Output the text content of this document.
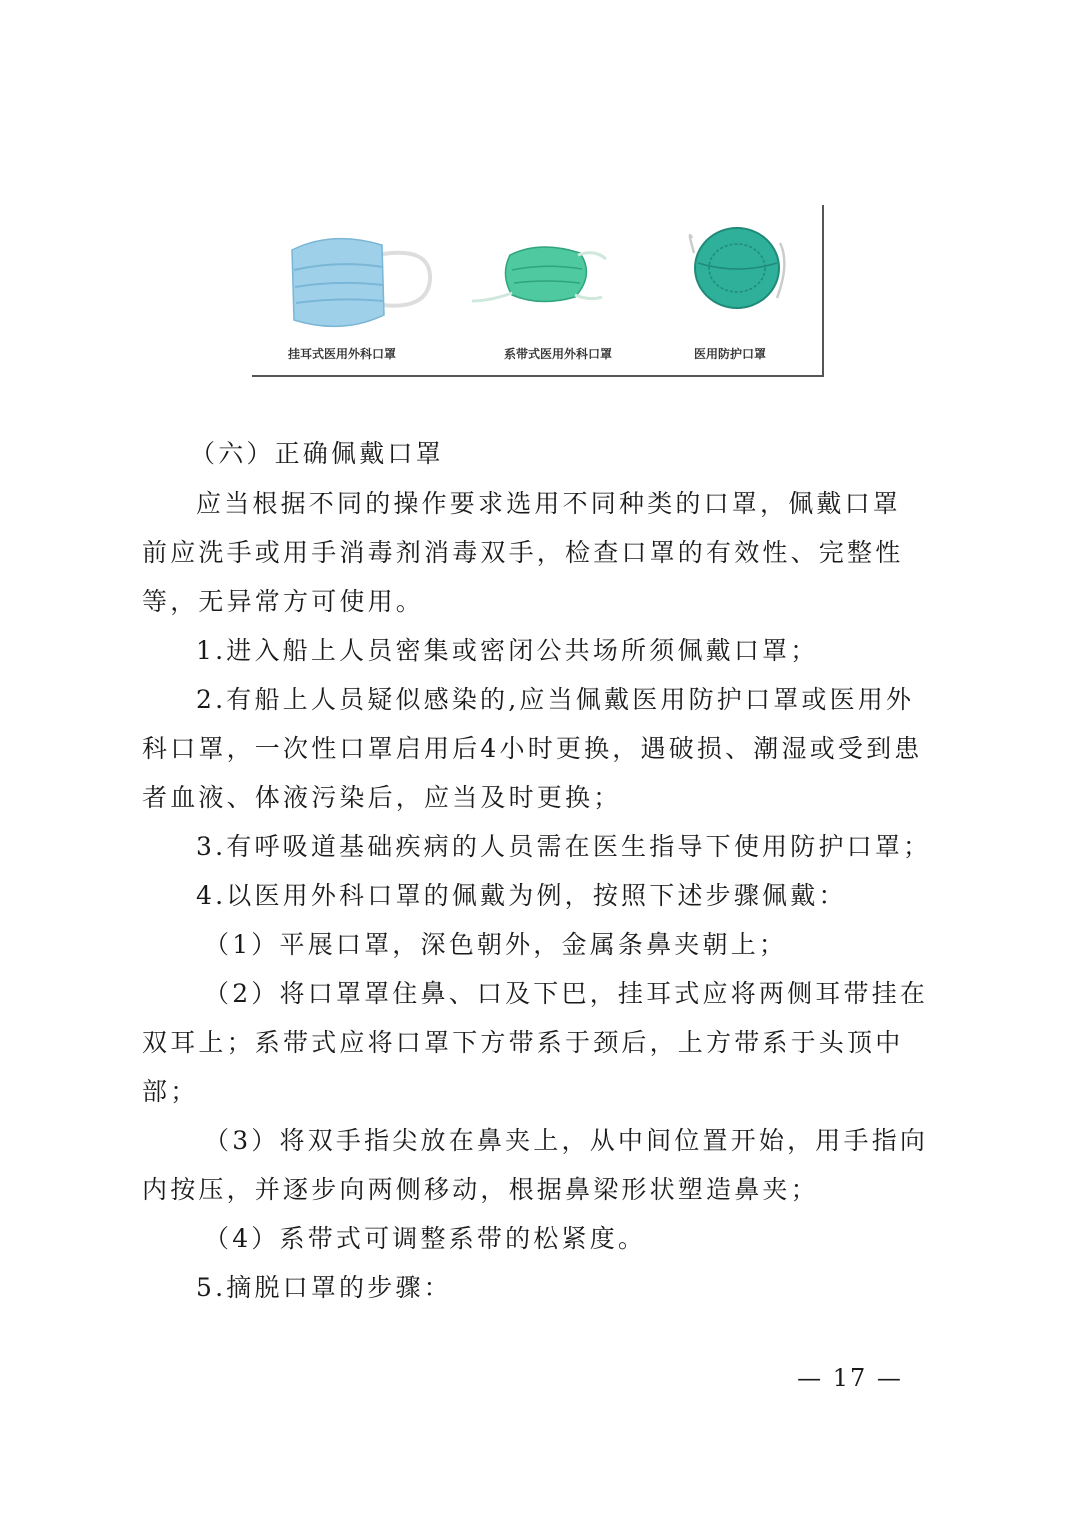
挂耳式医用外科口罩	系带式医用外科口罩	医用防护口罩
（六）正确佩戴口罩
应当根据不同的操作要求选用不同种类的口罩，佩戴口罩
前应洗手或用手消毒剂消毒双手，检查口罩的有效性、完整性
等，无异常方可使用。
1.进入船上人员密集或密闭公共场所须佩戴口罩；
2.有船上人员疑似感染的,应当佩戴医用防护口罩或医用外
科口罩，一次性口罩启用后4小时更换，遇破损、潮湿或受到患
者血液、体液污染后，应当及时更换；
3.有呼吸道基础疾病的人员需在医生指导下使用防护口罩；
4.以医用外科口罩的佩戴为例，按照下述步骤佩戴：
（1）平展口罩，深色朝外，金属条鼻夹朝上；
（2）将口罩罩住鼻、口及下巴，挂耳式应将两侧耳带挂在
双耳上；系带式应将口罩下方带系于颈后，上方带系于头顶中
部；
（3）将双手指尖放在鼻夹上，从中间位置开始，用手指向
内按压，并逐步向两侧移动，根据鼻梁形状塑造鼻夹；
（4）系带式可调整系带的松紧度。
5.摘脱口罩的步骤：
— 17 —
